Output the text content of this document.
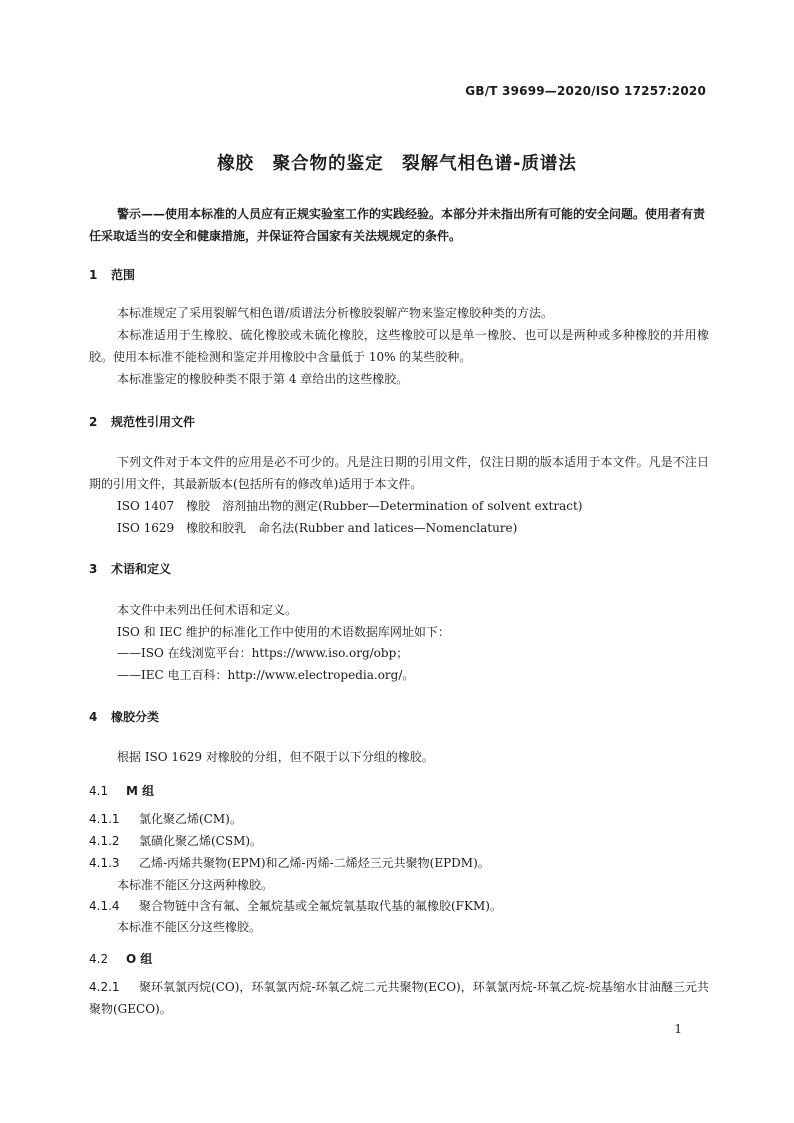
GB/T 39699—2020/ISO 17257:2020
橡胶　聚合物的鉴定　裂解气相色谱-质谱法
警示——使用本标准的人员应有正规实验室工作的实践经验。本部分并未指出所有可能的安全问题。使用者有责任采取适当的安全和健康措施，并保证符合国家有关法规规定的条件。
1 范围
本标准规定了采用裂解气相色谱/质谱法分析橡胶裂解产物来鉴定橡胶种类的方法。
本标准适用于生橡胶、硫化橡胶或未硫化橡胶，这些橡胶可以是单一橡胶、也可以是两种或多种橡胶的并用橡胶。使用本标准不能检测和鉴定并用橡胶中含量低于 10% 的某些胶种。
本标准鉴定的橡胶种类不限于第 4 章给出的这些橡胶。
2 规范性引用文件
下列文件对于本文件的应用是必不可少的。凡是注日期的引用文件，仅注日期的版本适用于本文件。凡是不注日期的引用文件，其最新版本(包括所有的修改单)适用于本文件。
ISO 1407　橡胶　溶剂抽出物的测定(Rubber—Determination of solvent extract)
ISO 1629　橡胶和胶乳　命名法(Rubber and latices—Nomenclature)
3 术语和定义
本文件中未列出任何术语和定义。
ISO 和 IEC 维护的标准化工作中使用的术语数据库网址如下：
——ISO 在线浏览平台：https://www.iso.org/obp；
——IEC 电工百科：http://www.electropedia.org/。
4 橡胶分类
根据 ISO 1629 对橡胶的分组，但不限于以下分组的橡胶。
4.1 M 组
4.1.1 氯化聚乙烯(CM)。
4.1.2 氯磺化聚乙烯(CSM)。
4.1.3 乙烯-丙烯共聚物(EPM)和乙烯-丙烯-二烯烃三元共聚物(EPDM)。
本标准不能区分这两种橡胶。
4.1.4 聚合物链中含有氟、全氟烷基或全氟烷氧基取代基的氟橡胶(FKM)。
本标准不能区分这些橡胶。
4.2 O 组
4.2.1 聚环氧氯丙烷(CO)，环氧氯丙烷-环氧乙烷二元共聚物(ECO)，环氧氯丙烷-环氧乙烷-烷基缩水甘油醚三元共聚物(GECO)。
1
